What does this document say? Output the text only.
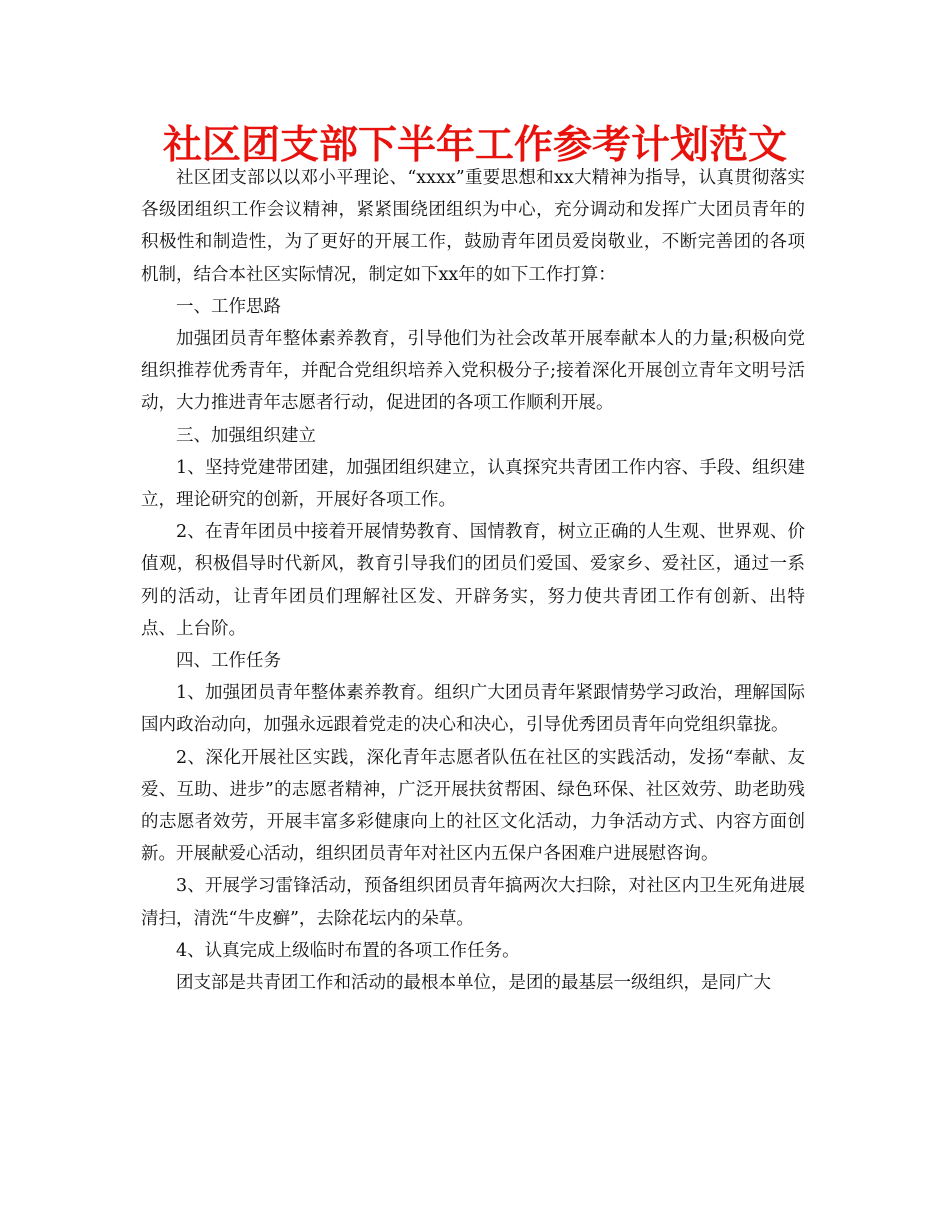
社区团支部下半年工作参考计划范文

社区团支部以以邓小平理论、“xxxx”重要思想和xx大精神为指导，认真贯彻落实各级团组织工作会议精神，紧紧围绕团组织为中心，充分调动和发挥广大团员青年的积极性和制造性，为了更好的开展工作，鼓励青年团员爱岗敬业，不断完善团的各项机制，结合本社区实际情况，制定如下xx年的如下工作打算：

一、工作思路

加强团员青年整体素养教育，引导他们为社会改革开展奉献本人的力量;积极向党组织推荐优秀青年，并配合党组织培养入党积极分子;接着深化开展创立青年文明号活动，大力推进青年志愿者行动，促进团的各项工作顺利开展。

三、加强组织建立

1、坚持党建带团建，加强团组织建立，认真探究共青团工作内容、手段、组织建立，理论研究的创新，开展好各项工作。

2、在青年团员中接着开展情势教育、国情教育，树立正确的人生观、世界观、价值观，积极倡导时代新风，教育引导我们的团员们爱国、爱家乡、爱社区，通过一系列的活动，让青年团员们理解社区发、开辟务实，努力使共青团工作有创新、出特点、上台阶。

四、工作任务

1、加强团员青年整体素养教育。组织广大团员青年紧跟情势学习政治，理解国际国内政治动向，加强永远跟着党走的决心和决心，引导优秀团员青年向党组织靠拢。

2、深化开展社区实践，深化青年志愿者队伍在社区的实践活动，发扬“奉献、友爱、互助、进步”的志愿者精神，广泛开展扶贫帮困、绿色环保、社区效劳、助老助残的志愿者效劳，开展丰富多彩健康向上的社区文化活动，力争活动方式、内容方面创新。开展献爱心活动，组织团员青年对社区内五保户各困难户进展慰咨询。

3、开展学习雷锋活动，预备组织团员青年搞两次大扫除，对社区内卫生死角进展清扫，清洗“牛皮癣”，去除花坛内的朵草。

4、认真完成上级临时布置的各项工作任务。

团支部是共青团工作和活动的最根本单位，是团的最基层一级组织，是同广大
